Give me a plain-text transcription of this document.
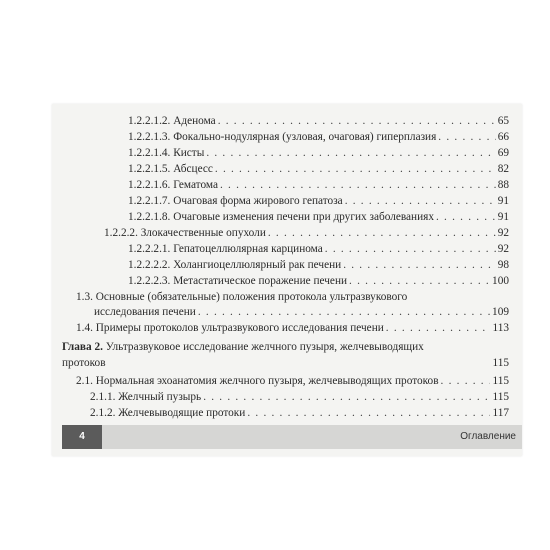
1.2.2.1.2. Аденома . . .	65
1.2.2.1.3. Фокально-нодулярная (узловая, очаговая) гиперплазия . . .	66
1.2.2.1.4. Кисты . . .	69
1.2.2.1.5. Абсцесс . . .	82
1.2.2.1.6. Гематома . . .	88
1.2.2.1.7. Очаговая форма жирового гепатоза . . .	91
1.2.2.1.8. Очаговые изменения печени при других заболеваниях . . .	91
1.2.2.2. Злокачественные опухоли . . .	92
1.2.2.2.1. Гепатоцеллюлярная карцинома . . .	92
1.2.2.2.2. Холангиоцеллюлярный рак печени . . .	98
1.2.2.2.3. Метастатическое поражение печени . . .	100
1.3. Основные (обязательные) положения протокола ультразвукового
исследования печени . . .	109
1.4. Примеры протоколов ультразвукового исследования печени . . .	113
Глава 2. Ультразвуковое исследование желчного пузыря, желчевыводящих
протоков	115
2.1. Нормальная эхоанатомия желчного пузыря, желчевыводящих протоков . . .	115
2.1.1. Желчный пузырь . . .	115
2.1.2. Желчевыводящие протоки . . .	117
4	Оглавление
